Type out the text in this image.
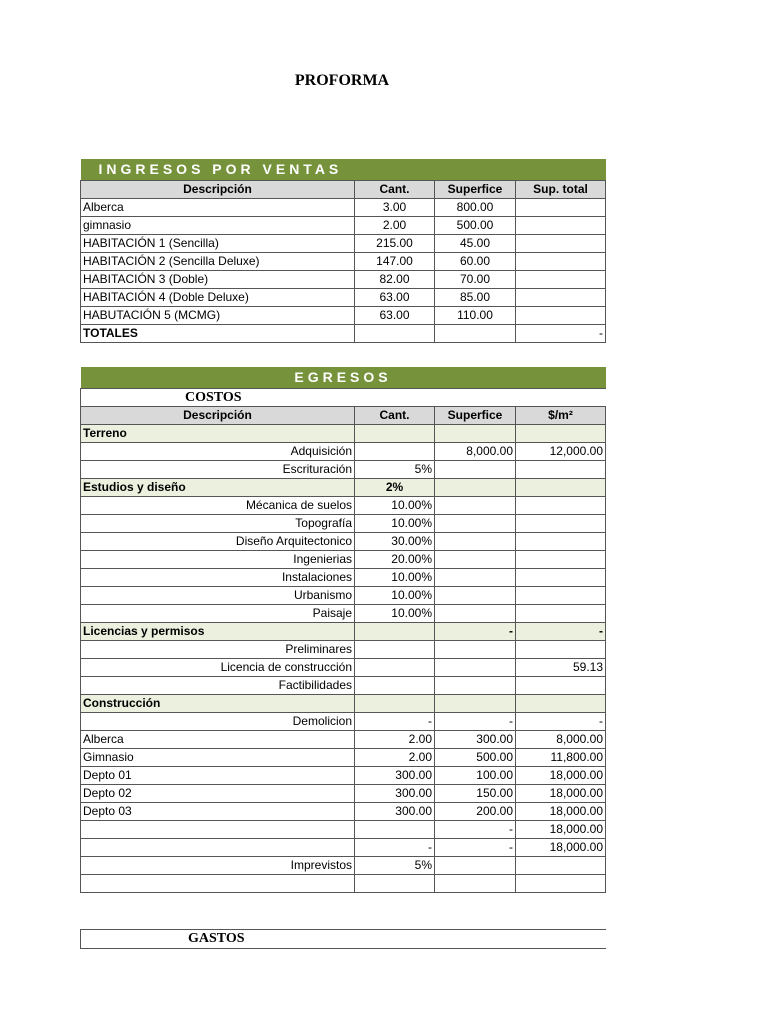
PROFORMA
INGRESOS POR VENTAS			
Descripción	Cant.	Superfice	Sup. total
Alberca	3.00	800.00	
gimnasio	2.00	500.00	
HABITACIÓN 1 (Sencilla)	215.00	45.00	
HABITACIÓN 2 (Sencilla Deluxe)	147.00	60.00	
HABITACIÓN 3 (Doble)	82.00	70.00	
HABITACIÓN 4 (Doble Deluxe)	63.00	85.00	
HABUTACIÓN 5 (MCMG)	63.00	110.00	
TOTALES			-
EGRESOS			
COSTOS			
Descripción	Cant.	Superfice	$/m²
Terreno			
Adquisición		8,000.00	12,000.00
Escrituración	5%		
Estudios y diseño	2%		
Mécanica de suelos	10.00%		
Topografía	10.00%		
Diseño Arquitectonico	30.00%		
Ingenierias	20.00%		
Instalaciones	10.00%		
Urbanismo	10.00%		
Paisaje	10.00%		
Licencias y permisos		-	-
Preliminares			
Licencia de construcción			59.13
Factibilidades			
Construcción			
Demolicion	-	-	-
Alberca	2.00	300.00	8,000.00
Gimnasio	2.00	500.00	11,800.00
Depto 01	300.00	100.00	18,000.00
Depto 02	300.00	150.00	18,000.00
Depto 03	300.00	200.00	18,000.00
		-	18,000.00
	-	-	18,000.00
Imprevistos	5%		

GASTOS
